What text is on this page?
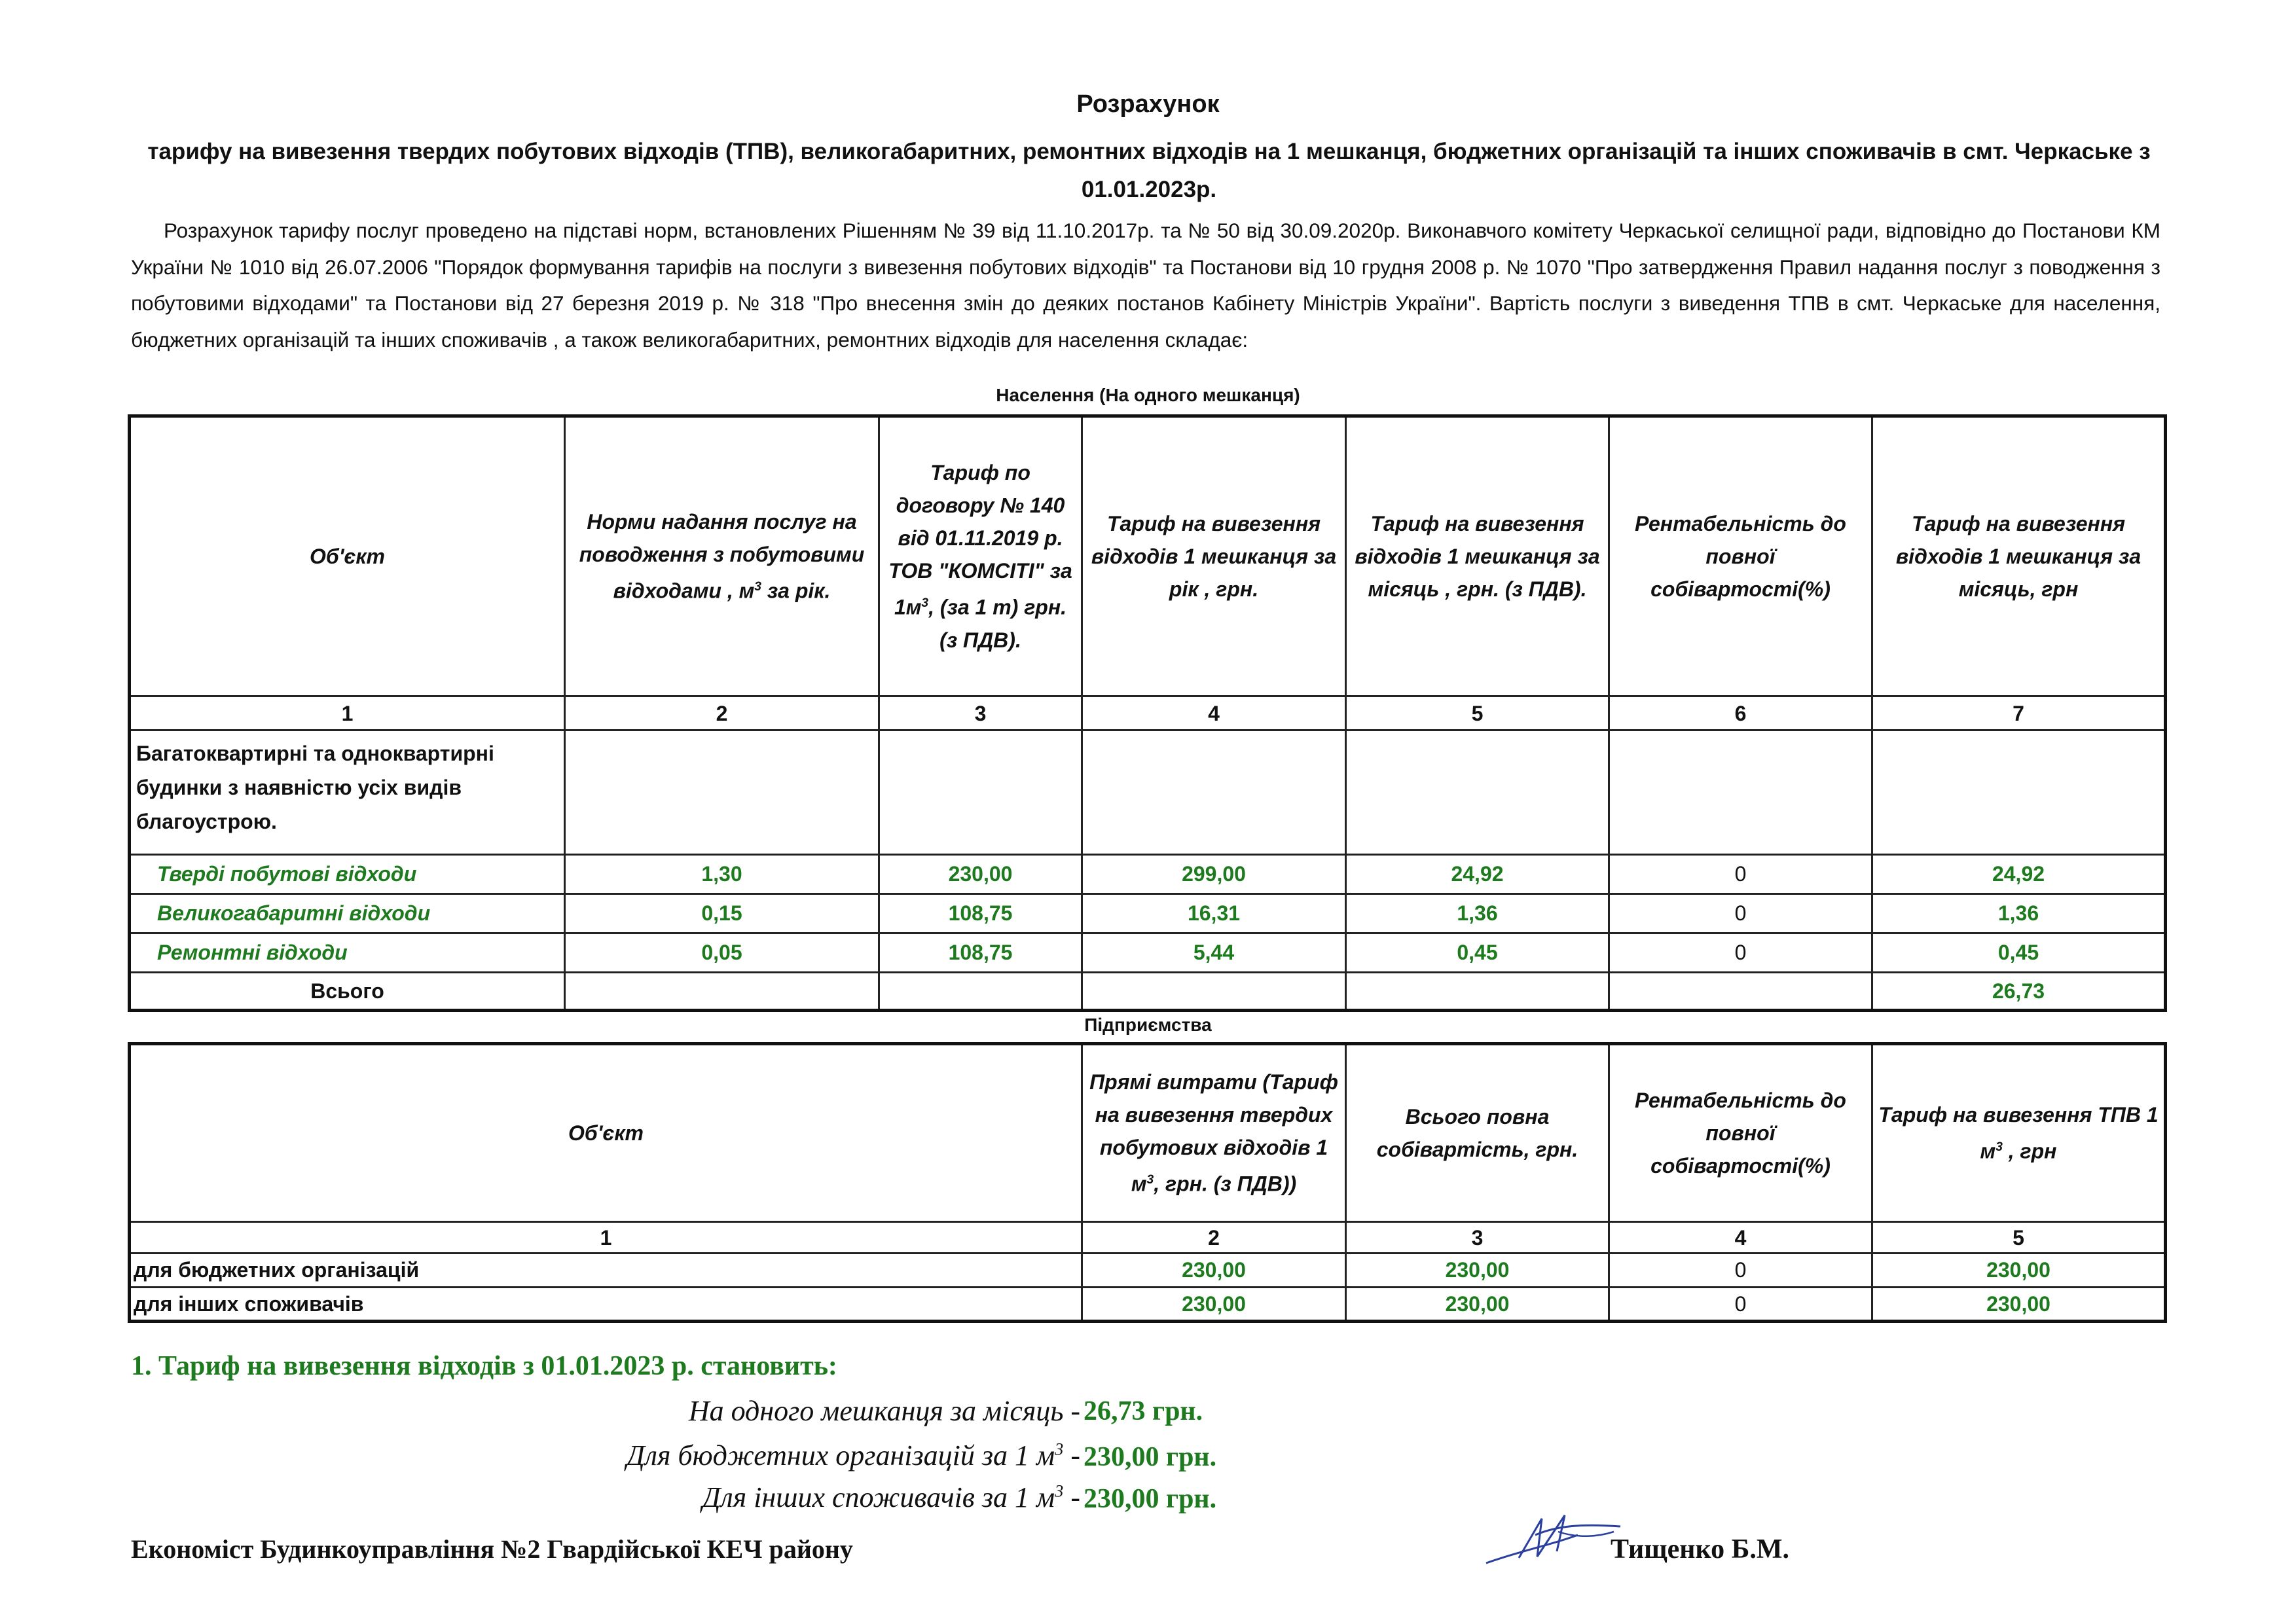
Розрахунок
тарифу на вивезення твердих побутових відходів (ТПВ), великогабаритних, ремонтних відходів на 1 мешканця, бюджетних організацій та інших споживачів в смт. Черкаське з 01.01.2023р.
Розрахунок тарифу послуг проведено на підставі норм, встановлених Рішенням № 39 від 11.10.2017р. та № 50 від 30.09.2020р. Виконавчого комітету Черкаської селищної ради, відповідно до Постанови КМ України № 1010 від 26.07.2006 "Порядок формування тарифів на послуги з вивезення побутових відходів" та Постанови від 10 грудня 2008 р. № 1070 "Про затвердження Правил надання послуг з поводження з побутовими відходами" та Постанови від 27 березня 2019 р. № 318 "Про внесення змін до деяких постанов Кабінету Міністрів України". Вартість послуги з виведення ТПВ в смт. Черкаське для населення, бюджетних організацій та інших споживачів , а також великогабаритних, ремонтних відходів для населення складає:
Населення (На одного мешканця)
Об'єкт	Норми надання послуг на поводження з побутовими відходами , $м^3$ за рік.	Тариф по договору № 140 від 01.11.2019 р. ТОВ "КОМСІТІ" за $1м^3$, (за 1 т) грн. (з ПДВ).	Тариф на вивезення відходів 1 мешканця за рік , грн.	Тариф на вивезення відходів 1 мешканця за місяць , грн. (з ПДВ).	Рентабельність до повної собівартості(%)	Тариф на вивезення відходів 1 мешканця за місяць, грн
1	2	3	4	5	6	7
Багатоквартирні та одноквартирні будинки з наявністю усіх видів благоустрою.						
Тверді побутові відходи	1,30	230,00	299,00	24,92	0	24,92
Великогабаритні відходи	0,15	108,75	16,31	1,36	0	1,36
Ремонтні відходи	0,05	108,75	5,44	0,45	0	0,45
Всього						26,73
Підприємства
Об'єкт	Прямі витрати (Тариф на вивезення твердих побутових відходів 1 $м^3$, грн. (з ПДВ))	Всього повна собівартість, грн.	Рентабельність до повної собівартості(%)	Тариф на вивезення ТПВ 1 $м^3$ , грн
1	2	3	4	5
для бюджетних організацій	230,00	230,00	0	230,00
для інших споживачів	230,00	230,00	0	230,00
1. Тариф на вивезення відходів з 01.01.2023 р. становить:
На одного мешканця за місяць - 26,73 грн.
Для бюджетних організацій за 1 $м^3 - 230,00$ грн.
Для інших споживачів за 1 $м^3 - 230,00$ грн.
Економіст Будинкоуправління №2 Гвардійської КЕЧ району	Тищенко Б.М.
